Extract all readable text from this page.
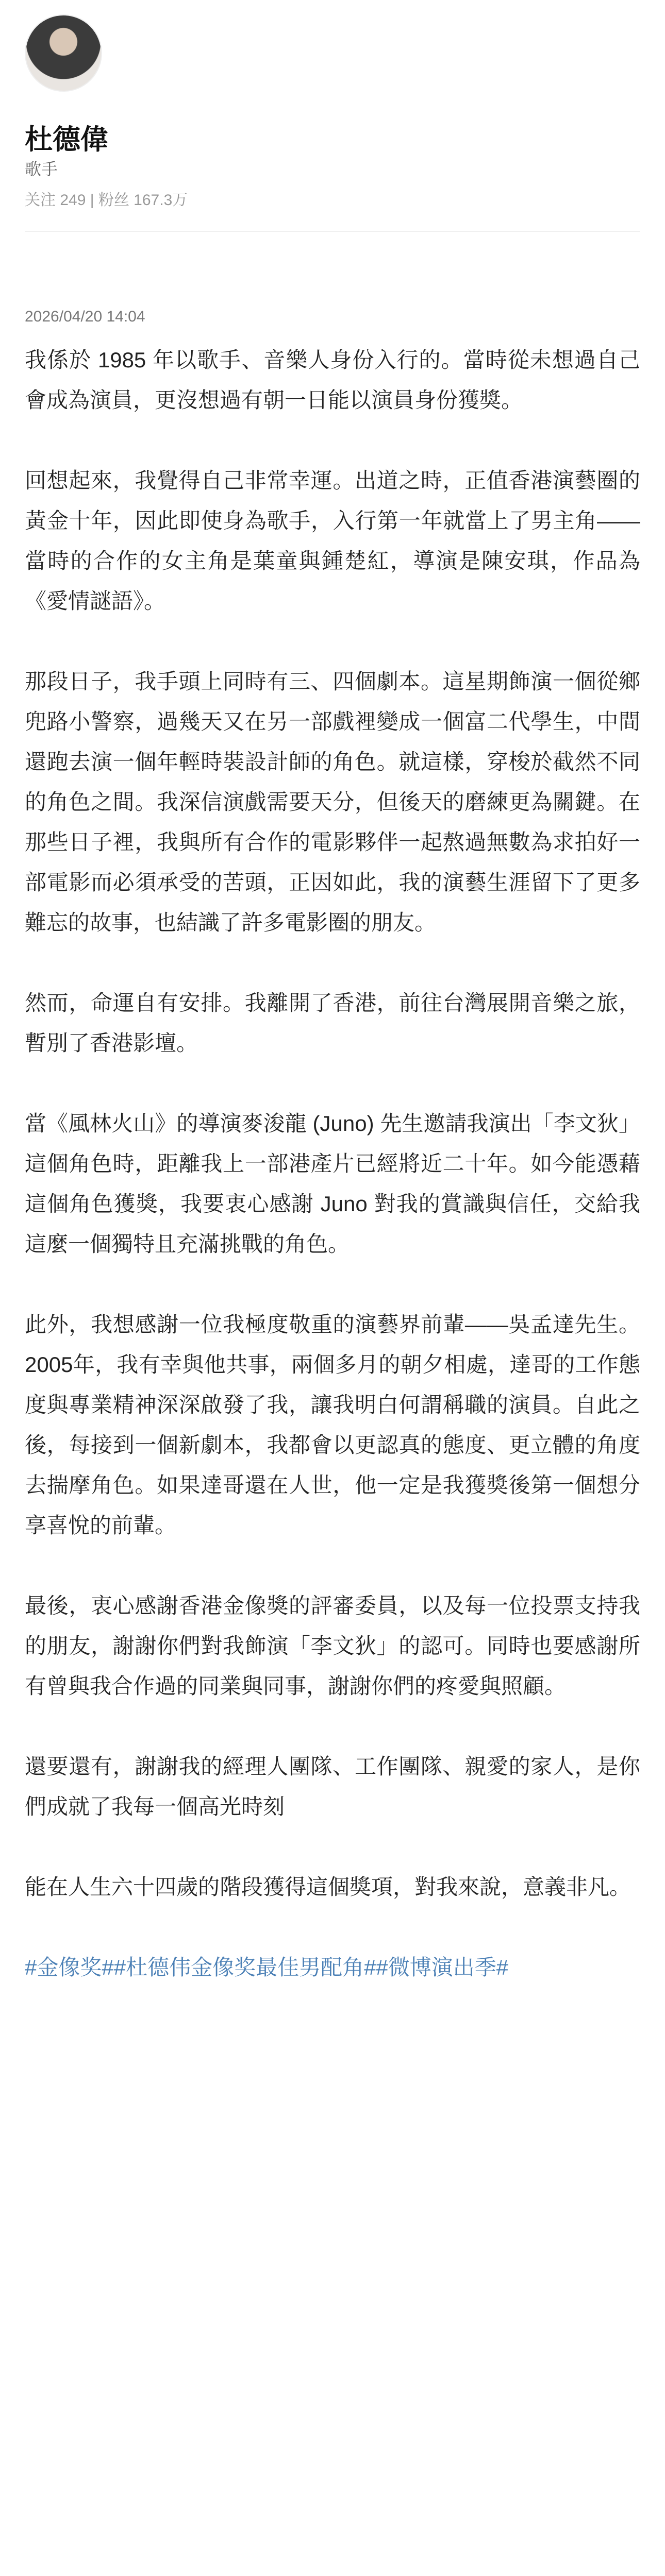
杜德偉
歌手
关注 249 | 粉丝 167.3万
2026/04/20 14:04

我係於 1985 年以歌手、音樂人身份入行的。當時從未想過自己會成為演員，更沒想過有朝一日能以演員身份獲獎。

回想起來，我覺得自己非常幸運。出道之時，正值香港演藝圈的黃金十年，因此即使身為歌手，入行第一年就當上了男主角——當時的合作的女主角是葉童與鍾楚紅，導演是陳安琪，作品為《愛情謎語》。

那段日子，我手頭上同時有三、四個劇本。這星期飾演一個從鄉兜路小警察，過幾天又在另一部戲裡變成一個富二代學生，中間還跑去演一個年輕時裝設計師的角色。就這樣，穿梭於截然不同的角色之間。我深信演戲需要天分，但後天的磨練更為關鍵。在那些日子裡，我與所有合作的電影夥伴一起熬過無數為求拍好一部電影而必須承受的苦頭，正因如此，我的演藝生涯留下了更多難忘的故事，也結識了許多電影圈的朋友。

然而，命運自有安排。我離開了香港，前往台灣展開音樂之旅，暫別了香港影壇。

當《風林火山》的導演麥浚龍 (Juno) 先生邀請我演出「李文狄」這個角色時，距離我上一部港產片已經將近二十年。如今能憑藉這個角色獲獎，我要衷心感謝 Juno 對我的賞識與信任，交給我這麼一個獨特且充滿挑戰的角色。

此外，我想感謝一位我極度敬重的演藝界前輩——吳孟達先生。2005年，我有幸與他共事，兩個多月的朝夕相處，達哥的工作態度與專業精神深深啟發了我，讓我明白何謂稱職的演員。自此之後，每接到一個新劇本，我都會以更認真的態度、更立體的角度去揣摩角色。如果達哥還在人世，他一定是我獲獎後第一個想分享喜悅的前輩。

最後，衷心感謝香港金像獎的評審委員，以及每一位投票支持我的朋友，謝謝你們對我飾演「李文狄」的認可。同時也要感謝所有曾與我合作過的同業與同事，謝謝你們的疼愛與照顧。

還要還有，謝謝我的經理人團隊、工作團隊、親愛的家人，是你們成就了我每一個高光時刻

能在人生六十四歲的階段獲得這個獎項，對我來說，意義非凡。

#金像奖##杜德伟金像奖最佳男配角##微博演出季#
